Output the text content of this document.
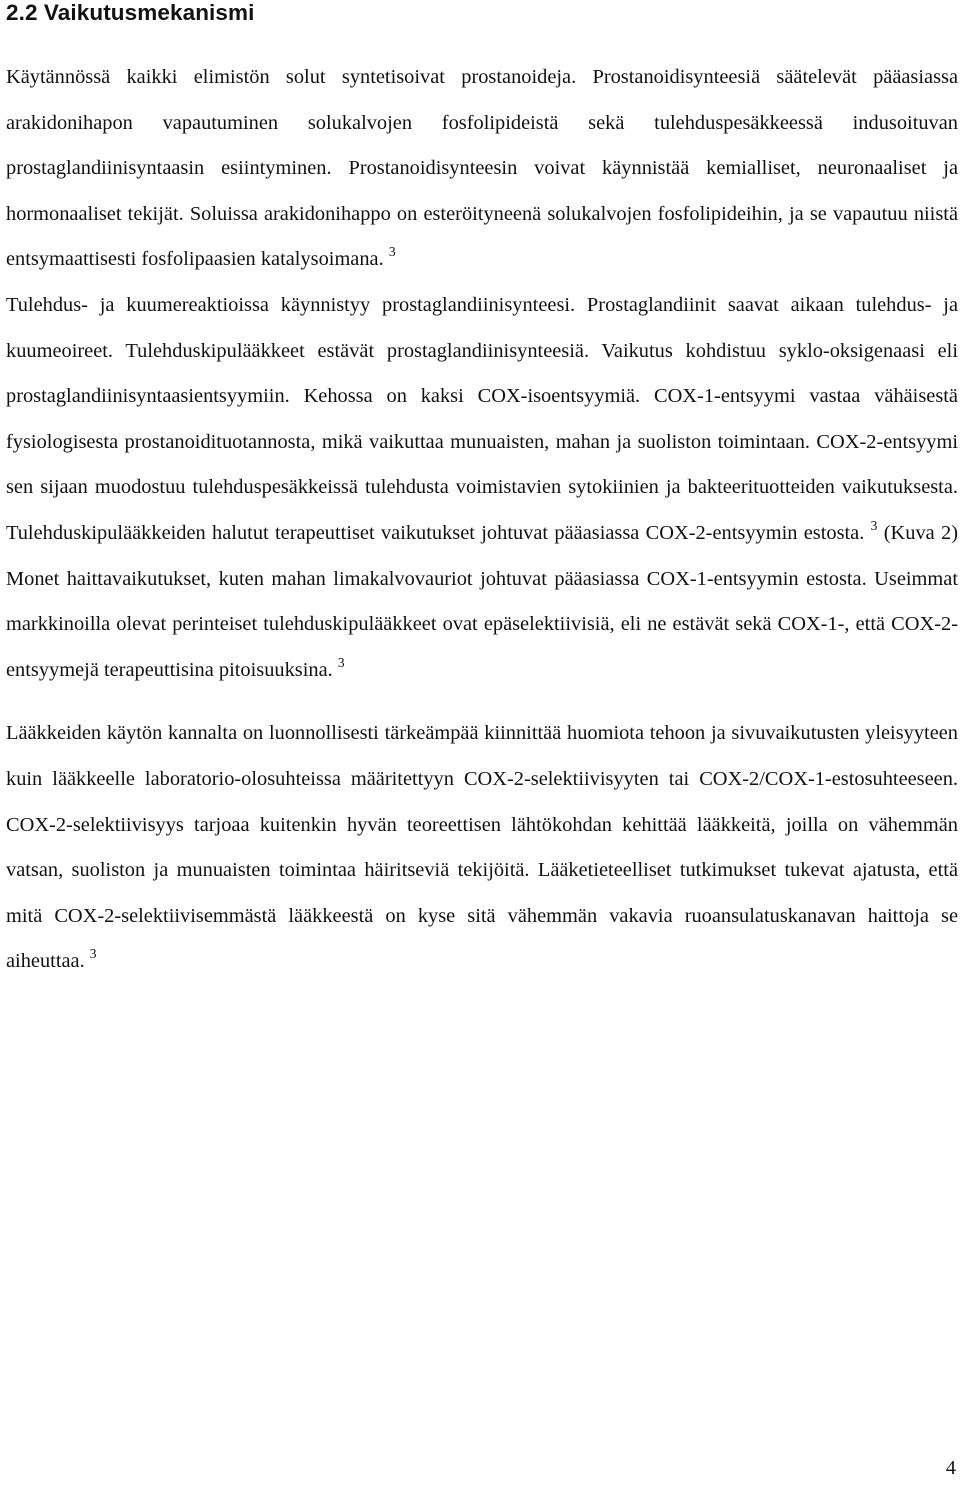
2.2 Vaikutusmekanismi

Käytännössä kaikki elimistön solut syntetisoivat prostanoideja. Prostanoidisynteesiä säätelevät pääasiassa arakidonihapon vapautuminen solukalvojen fosfolipideistä sekä tulehduspesäkkeessä indusoituvan prostaglandiinisyntaasin esiintyminen. Prostanoidisynteesin voivat käynnistää kemialliset, neuronaaliset ja hormonaaliset tekijät. Soluissa arakidonihappo on esteröityneenä solukalvojen fosfolipideihin, ja se vapautuu niistä entsymaattisesti fosfolipaasien katalysoimana. $^3$

Tulehdus- ja kuumereaktioissa käynnistyy prostaglandiinisynteesi. Prostaglandiinit saavat aikaan tulehdus- ja kuumeoireet. Tulehduskipulääkkeet estävät prostaglandiinisynteesiä. Vaikutus kohdistuu syklo-oksigenaasi eli prostaglandiinisyntaasientsyymiin. Kehossa on kaksi COX-isoentsyymiä. COX-1-entsyymi vastaa vähäisestä fysiologisesta prostanoidituotannosta, mikä vaikuttaa munuaisten, mahan ja suoliston toimintaan. COX-2-entsyymi sen sijaan muodostuu tulehduspesäkkeissä tulehdusta voimistavien sytokiinien ja bakteerituotteiden vaikutuksesta. Tulehduskipulääkkeiden halutut terapeuttiset vaikutukset johtuvat pääasiassa COX-2-entsyymin estosta. $^3$ (Kuva 2) Monet haittavaikutukset, kuten mahan limakalvovauriot johtuvat pääasiassa COX-1-entsyymin estosta. Useimmat markkinoilla olevat perinteiset tulehduskipulääkkeet ovat epäselektiivisiä, eli ne estävät sekä COX-1-, että COX-2-entsyymejä terapeuttisina pitoisuuksina. $^3$

Lääkkeiden käytön kannalta on luonnollisesti tärkeämpää kiinnittää huomiota tehoon ja sivuvaikutusten yleisyyteen kuin lääkkeelle laboratorio-olosuhteissa määritettyyn COX-2-selektiivisyyten tai COX-2/COX-1-estosuhteeseen. COX-2-selektiivisyys tarjoaa kuitenkin hyvän teoreettisen lähtökohdan kehittää lääkkeitä, joilla on vähemmän vatsan, suoliston ja munuaisten toimintaa häiritseviä tekijöitä. Lääketieteelliset tutkimukset tukevat ajatusta, että mitä COX-2-selektiivisemmästä lääkkeestä on kyse sitä vähemmän vakavia ruoansulatuskanavan haittoja se aiheuttaa. $^3$

4
